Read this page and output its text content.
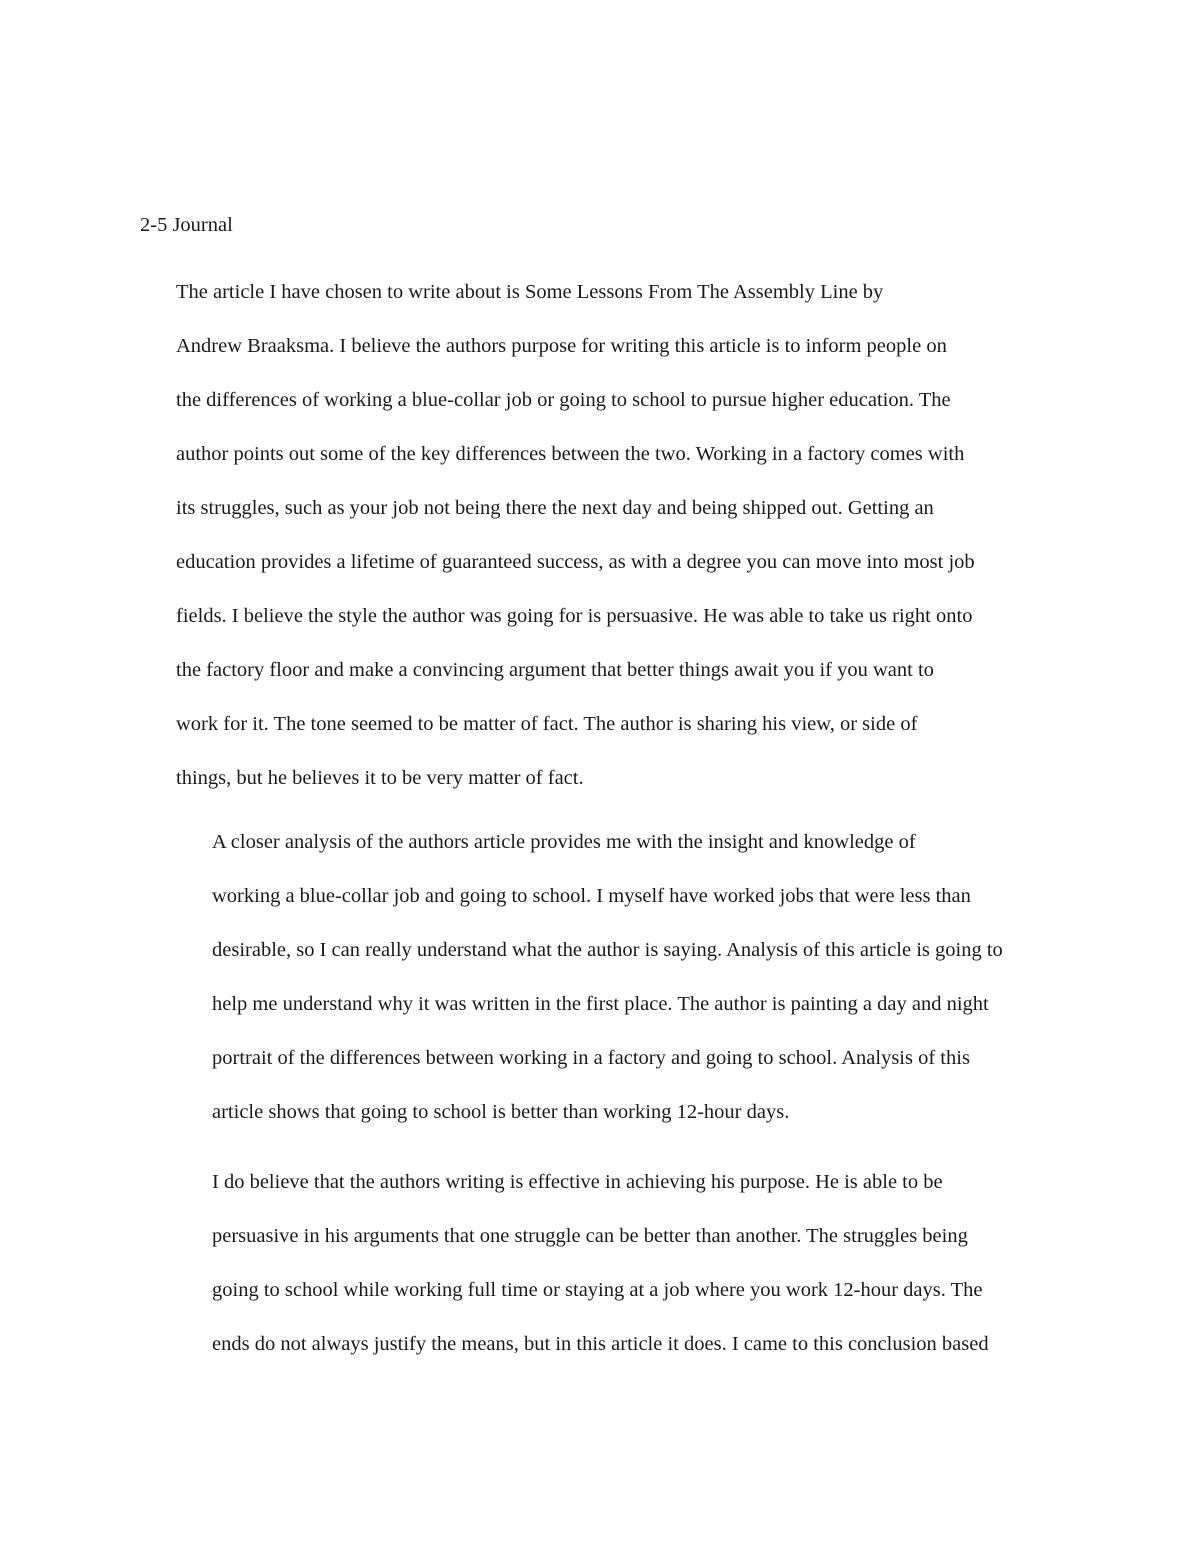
2-5 Journal
The article I have chosen to write about is Some Lessons From The Assembly Line by
Andrew Braaksma. I believe the authors purpose for writing this article is to inform people on
the differences of working a blue-collar job or going to school to pursue higher education. The
author points out some of the key differences between the two. Working in a factory comes with
its struggles, such as your job not being there the next day and being shipped out. Getting an
education provides a lifetime of guaranteed success, as with a degree you can move into most job
fields. I believe the style the author was going for is persuasive. He was able to take us right onto
the factory floor and make a convincing argument that better things await you if you want to
work for it. The tone seemed to be matter of fact. The author is sharing his view, or side of
things, but he believes it to be very matter of fact.
A closer analysis of the authors article provides me with the insight and knowledge of
working a blue-collar job and going to school. I myself have worked jobs that were less than
desirable, so I can really understand what the author is saying. Analysis of this article is going to
help me understand why it was written in the first place. The author is painting a day and night
portrait of the differences between working in a factory and going to school. Analysis of this
article shows that going to school is better than working 12-hour days.
I do believe that the authors writing is effective in achieving his purpose. He is able to be
persuasive in his arguments that one struggle can be better than another. The struggles being
going to school while working full time or staying at a job where you work 12-hour days. The
ends do not always justify the means, but in this article it does. I came to this conclusion based
